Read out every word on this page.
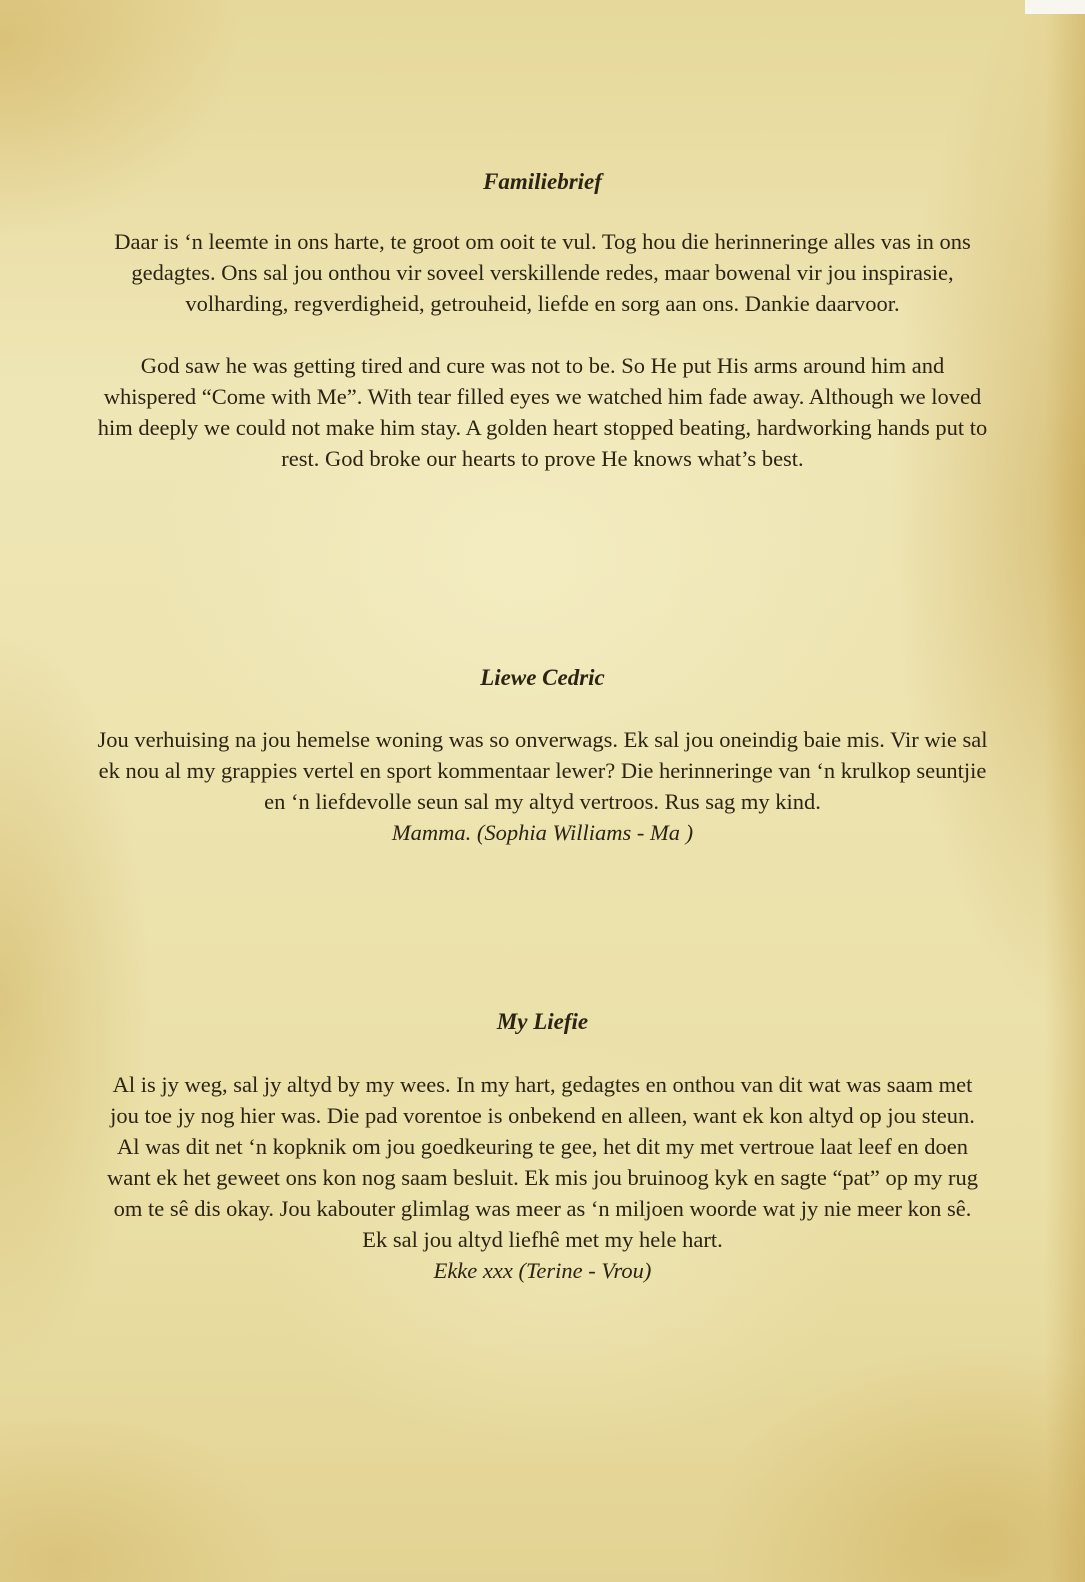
Familiebrief

Daar is ‘n leemte in ons harte, te groot om ooit te vul. Tog hou die herinneringe alles vas in ons
gedagtes. Ons sal jou onthou vir soveel verskillende redes, maar bowenal vir jou inspirasie,
volharding, regverdigheid, getrouheid, liefde en sorg aan ons. Dankie daarvoor.

God saw he was getting tired and cure was not to be. So He put His arms around him and
whispered “Come with Me”. With tear filled eyes we watched him fade away. Although we loved
him deeply we could not make him stay. A golden heart stopped beating, hardworking hands put to
rest. God broke our hearts to prove He knows what’s best.

Liewe Cedric

Jou verhuising na jou hemelse woning was so onverwags. Ek sal jou oneindig baie mis. Vir wie sal
ek nou al my grappies vertel en sport kommentaar lewer? Die herinneringe van ‘n krulkop seuntjie
en ‘n liefdevolle seun sal my altyd vertroos. Rus sag my kind.

Mamma. (Sophia Williams - Ma )

My Liefie

Al is jy weg, sal jy altyd by my wees. In my hart, gedagtes en onthou van dit wat was saam met
jou toe jy nog hier was. Die pad vorentoe is onbekend en alleen, want ek kon altyd op jou steun.
Al was dit net ‘n kopknik om jou goedkeuring te gee, het dit my met vertroue laat leef en doen
want ek het geweet ons kon nog saam besluit. Ek mis jou bruinoog kyk en sagte “pat” op my rug
om te sê dis okay. Jou kabouter glimlag was meer as ‘n miljoen woorde wat jy nie meer kon sê.
Ek sal jou altyd liefhê met my hele hart.

Ekke xxx (Terine - Vrou)
